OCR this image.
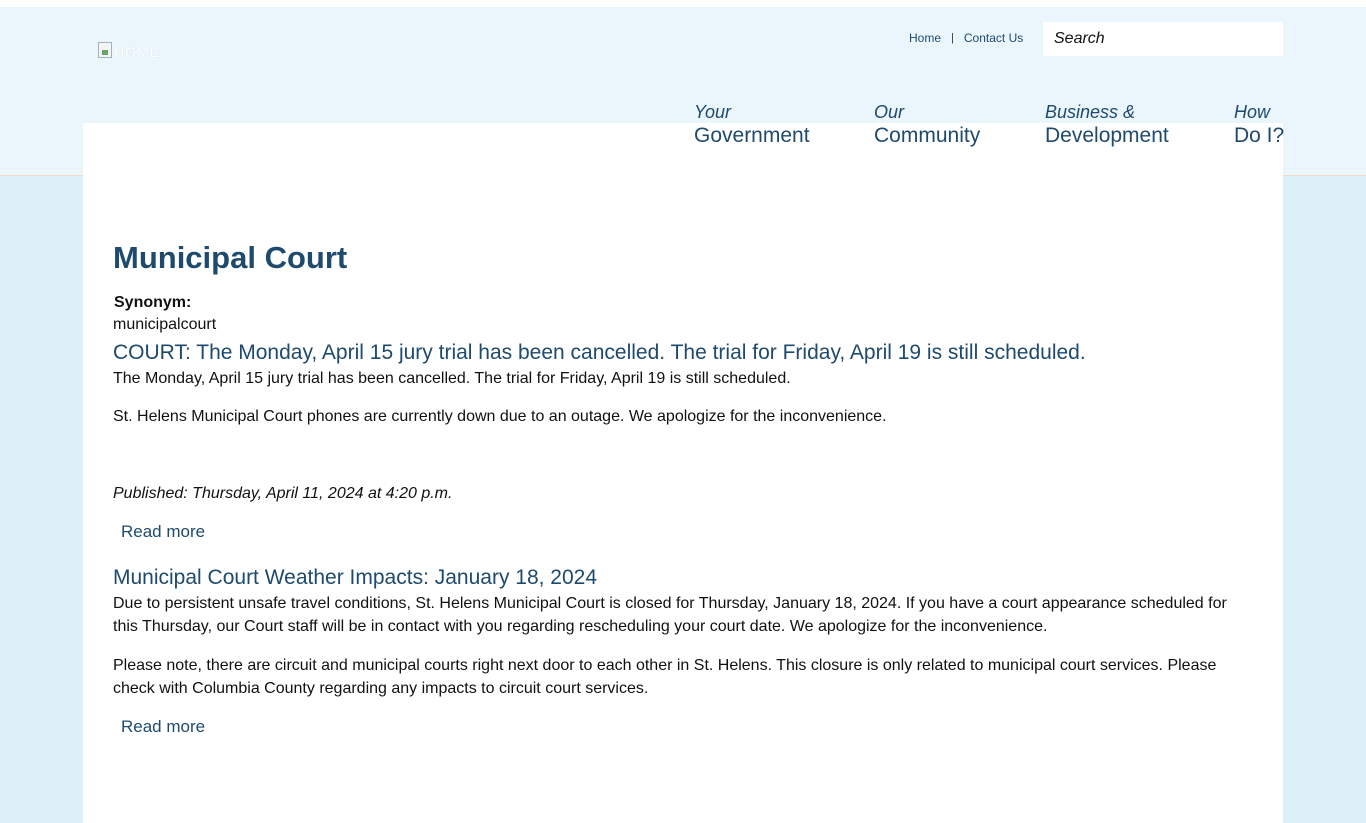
HOME
Home | Contact Us
Search
Your
Government
Our
Community
Business &
Development
How
Do I?
Municipal Court
Synonym:
municipalcourt
COURT: The Monday, April 15 jury trial has been cancelled. The trial for Friday, April 19 is still scheduled.

The Monday, April 15 jury trial has been cancelled. The trial for Friday, April 19 is still scheduled.

St. Helens Municipal Court phones are currently down due to an outage. We apologize for the inconvenience.

Published: Thursday, April 11, 2024 at 4:20 p.m.
Read more
Municipal Court Weather Impacts: January 18, 2024

Due to persistent unsafe travel conditions, St. Helens Municipal Court is closed for Thursday, January 18, 2024. If you have a court appearance scheduled for this Thursday, our Court staff will be in contact with you regarding rescheduling your court date. We apologize for the inconvenience.

Please note, there are circuit and municipal courts right next door to each other in St. Helens. This closure is only related to municipal court services. Please check with Columbia County regarding any impacts to circuit court services.

Read more
